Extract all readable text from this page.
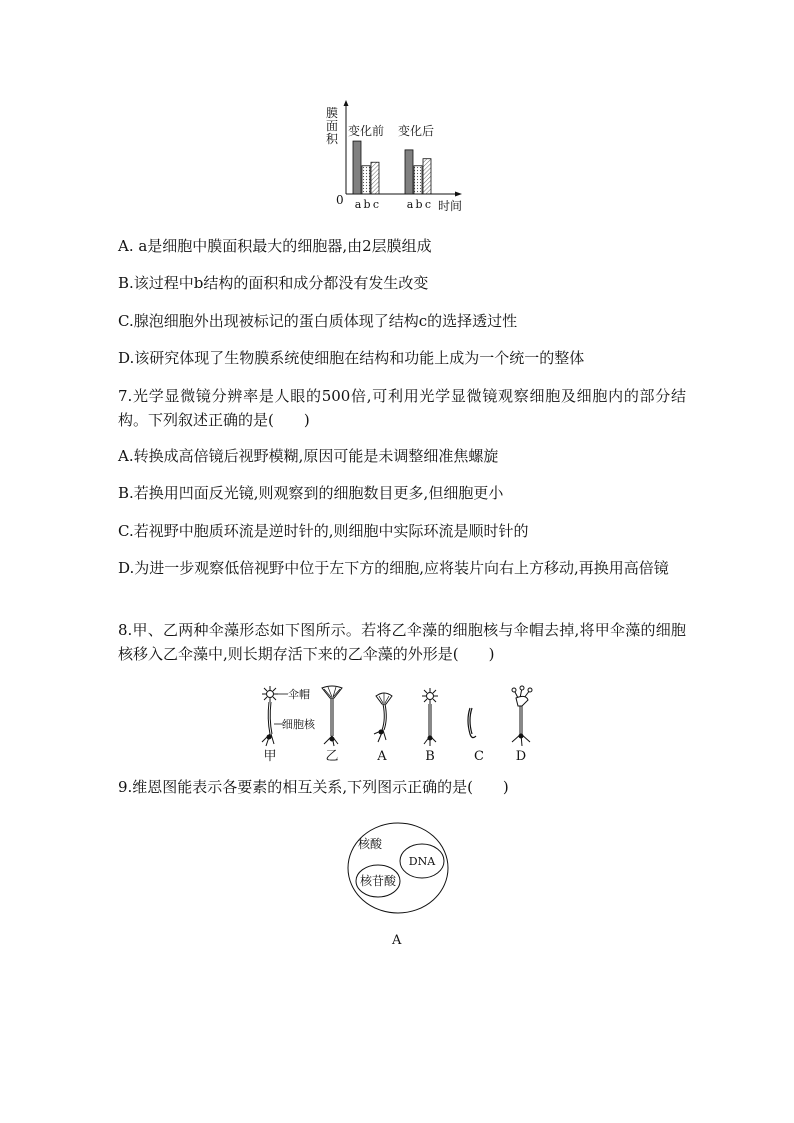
膜
面
积
0
变化前 变化后
a b c	a b c 时间
A. a是细胞中膜面积最大的细胞器,由2层膜组成
B.该过程中b结构的面积和成分都没有发生改变
C.腺泡细胞外出现被标记的蛋白质体现了结构c的选择透过性
D.该研究体现了生物膜系统使细胞在结构和功能上成为一个统一的整体
7.光学显微镜分辨率是人眼的500倍,可利用光学显微镜观察细胞及细胞内的部分结构。下列叙述正确的是(　　)
A.转换成高倍镜后视野模糊,原因可能是未调整细准焦螺旋
B.若换用凹面反光镜,则观察到的细胞数目更多,但细胞更小
C.若视野中胞质环流是逆时针的,则细胞中实际环流是顺时针的
D.为进一步观察低倍视野中位于左下方的细胞,应将装片向右上方移动,再换用高倍镜
8.甲、乙两种伞藻形态如下图所示。若将乙伞藻的细胞核与伞帽去掉,将甲伞藻的细胞核移入乙伞藻中,则长期存活下来的乙伞藻的外形是(　　)
伞帽
细胞核
甲	乙	A	B	C D
9.维恩图能表示各要素的相互关系,下列图示正确的是(　　)
核酸
DNA
核苷酸
A
